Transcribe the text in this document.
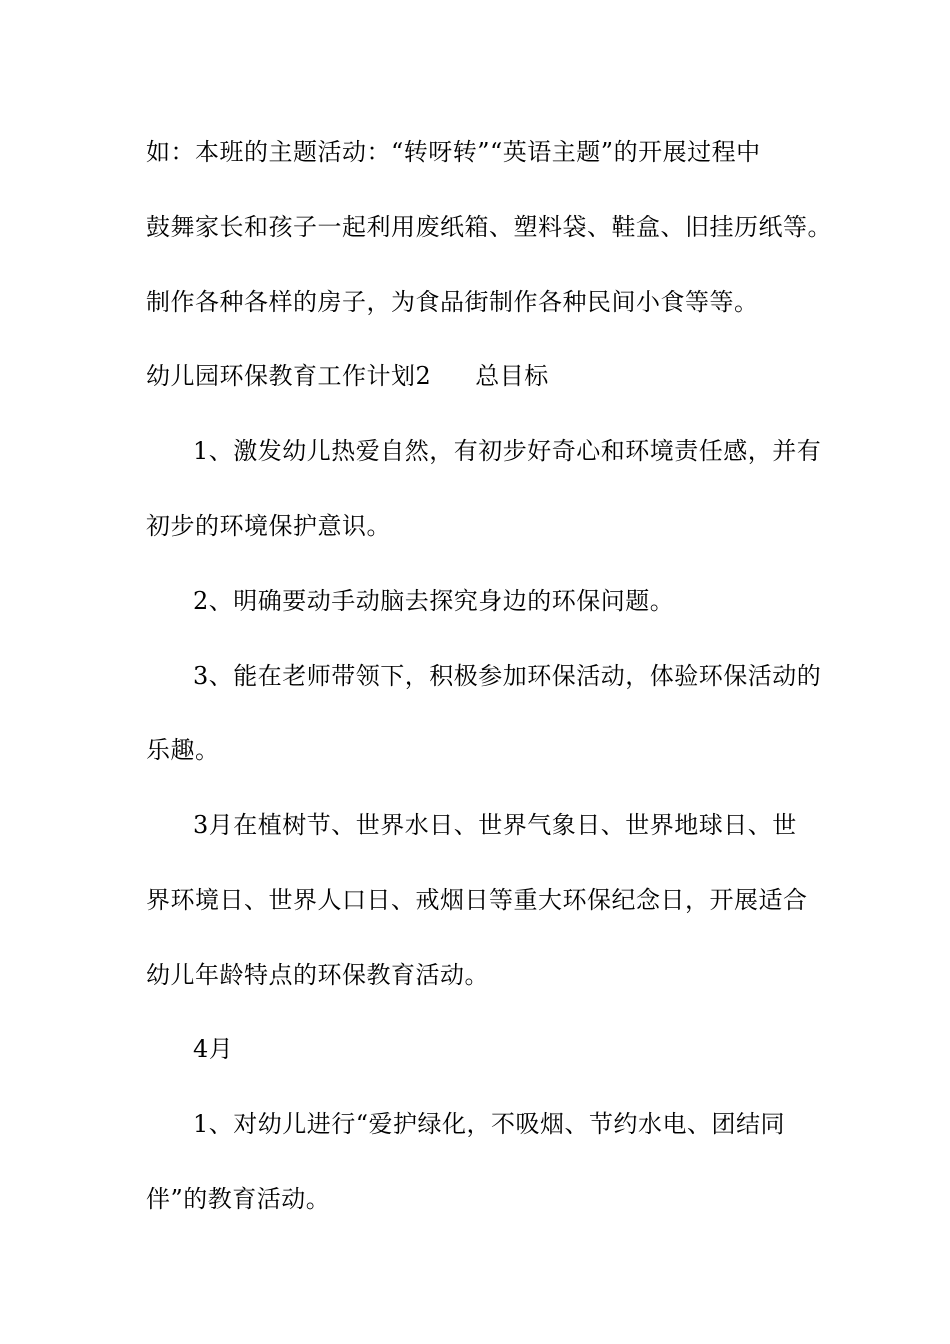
如：本班的主题活动：“转呀转”“英语主题”的开展过程中
鼓舞家长和孩子一起利用废纸箱、塑料袋、鞋盒、旧挂历纸等。
制作各种各样的房子，为食品街制作各种民间小食等等。
幼儿园环保教育工作计划2 总目标
1、激发幼儿热爱自然，有初步好奇心和环境责任感，并有
初步的环境保护意识。
2、明确要动手动脑去探究身边的环保问题。
3、能在老师带领下，积极参加环保活动，体验环保活动的
乐趣。
3月在植树节、世界水日、世界气象日、世界地球日、世
界环境日、世界人口日、戒烟日等重大环保纪念日，开展适合
幼儿年龄特点的环保教育活动。
4月
1、对幼儿进行“爱护绿化，不吸烟、节约水电、团结同
伴”的教育活动。
